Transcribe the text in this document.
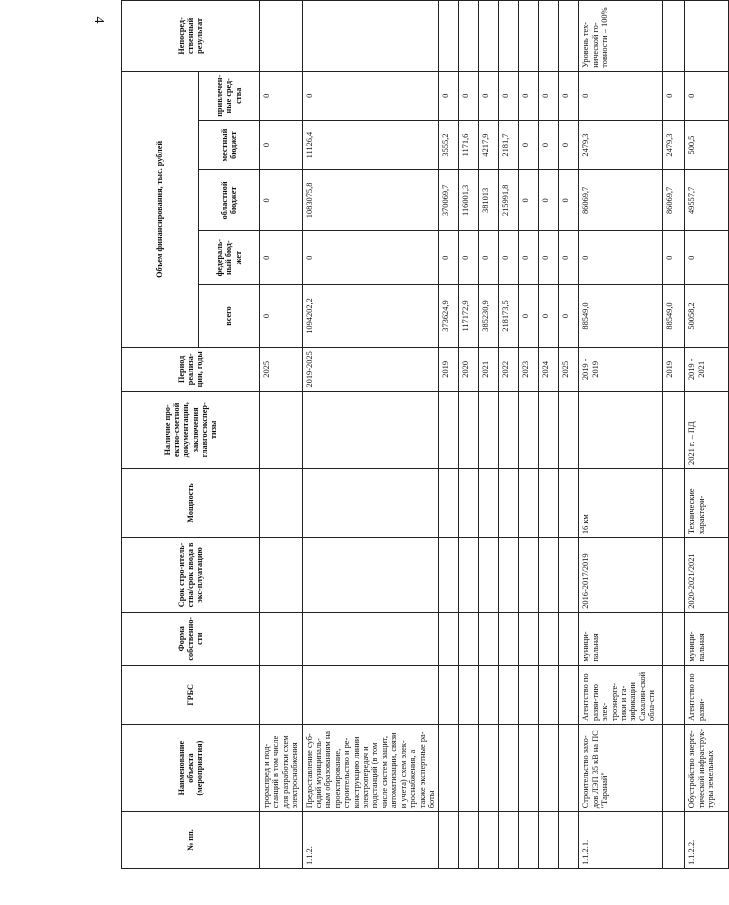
4
№ пп.	Наименование объекта (мероприятия)	ГРБС	Форма собственно-сти	Срок стро-итель-ства/срок ввода в экс-плуатацию	Мощность	Наличие про-ектно-сметной документации, заключения главгосэкспер-тизы	Период реализа-ции, годы	Объем финансирования, тыс. рублей					Непосред-ственный результат
								всего	федераль-ный бюд-жет	областной бюджет	местный бюджет	привлечен-ные сред-ства	
	трораспред и под-станций в том числе для разработки схем электроснабжения						2025	0	0	0	0	0	
1.1.2.	Предоставление суб-сидий муниципаль-ным образованиям на проектирование, строительство и ре-конструкцию линии электропередач и подстанций (в том числе систем защит, автоматизации, связи и учета) схем элек-троснабжения, а также экспертные ра-боты						2019-2025	1094202,2	0	1083075,8	11126,4	0	
							2019	373624,9	0	370069,7	3555,2	0	
							2020	117172,9	0	116001,3	1171,6	0	
							2021	385230,9	0	381013	4217,9	0	
							2022	218173,5	0	215991,8	2181,7	0	
							2023	0	0	0	0	0	
							2024	0	0	0	0	0	
							2025	0	0	0	0	0	
1.1.2.1.	Строительство захо-дов ЛЭП 35 кВ на ПС "Таранай"	Агентство по разви-тию элек-троэнерге-тики и га-зификации Сахалин-ской обла-сти	муници-пальная	2016-2017/2019	16 км		2019 - 2019	88549,0	0	86069,7	2479,3	0	Уровень тех-нической го-товности – 100%
							2019	88549,0	0	86069,7	2479,3	0	
1.1.2.2.	Обустройство энерге-тической инфраструк-туры земельных	Агентство по разви-	муници-пальная	2020-2021/2021	Технические характери-	2021 г. – ПД	2019 - 2021	50058,2	0	49557,7	500,5	0	
